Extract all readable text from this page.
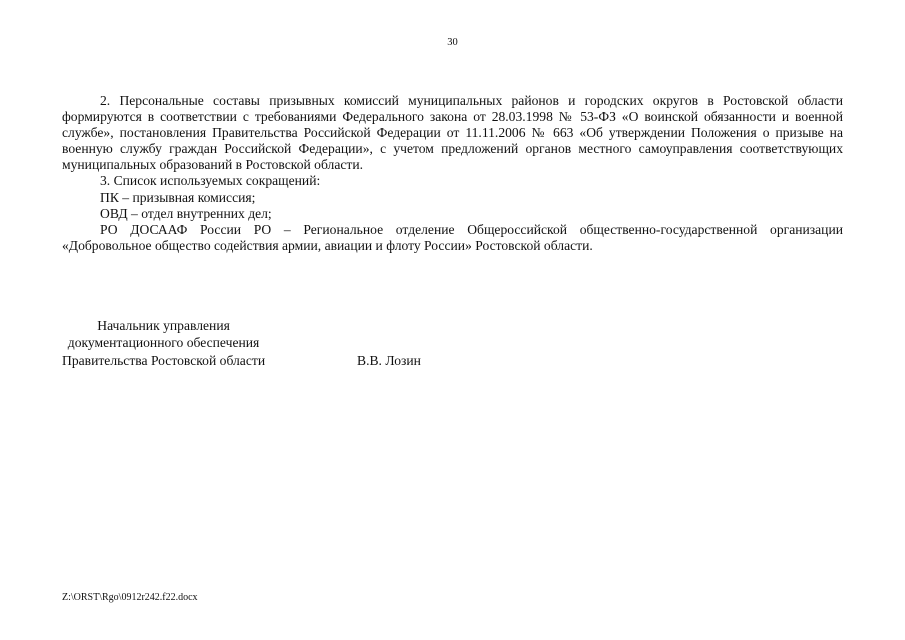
30

2. Персональные составы призывных комиссий муниципальных районов и городских округов в Ростовской области формируются в соответствии с требованиями Федерального закона от 28.03.1998 № 53-ФЗ «О воинской обязанности и военной службе», постановления Правительства Российской Федерации от 11.11.2006 № 663 «Об утверждении Положения о призыве на военную службу граждан Российской Федерации», с учетом предложений органов местного самоуправления соответствующих муниципальных образований в Ростовской области.

3. Список используемых сокращений:

ПК – призывная комиссия;

ОВД – отдел внутренних дел;

РО ДОСААФ России РО – Региональное отделение Общероссийской общественно-государственной организации «Добровольное общество содействия армии, авиации и флоту России» Ростовской области.

Начальник управления
документационного обеспечения
Правительства Ростовской области	В.В. Лозин
Z:\ORST\Rgo\0912r242.f22.docx
